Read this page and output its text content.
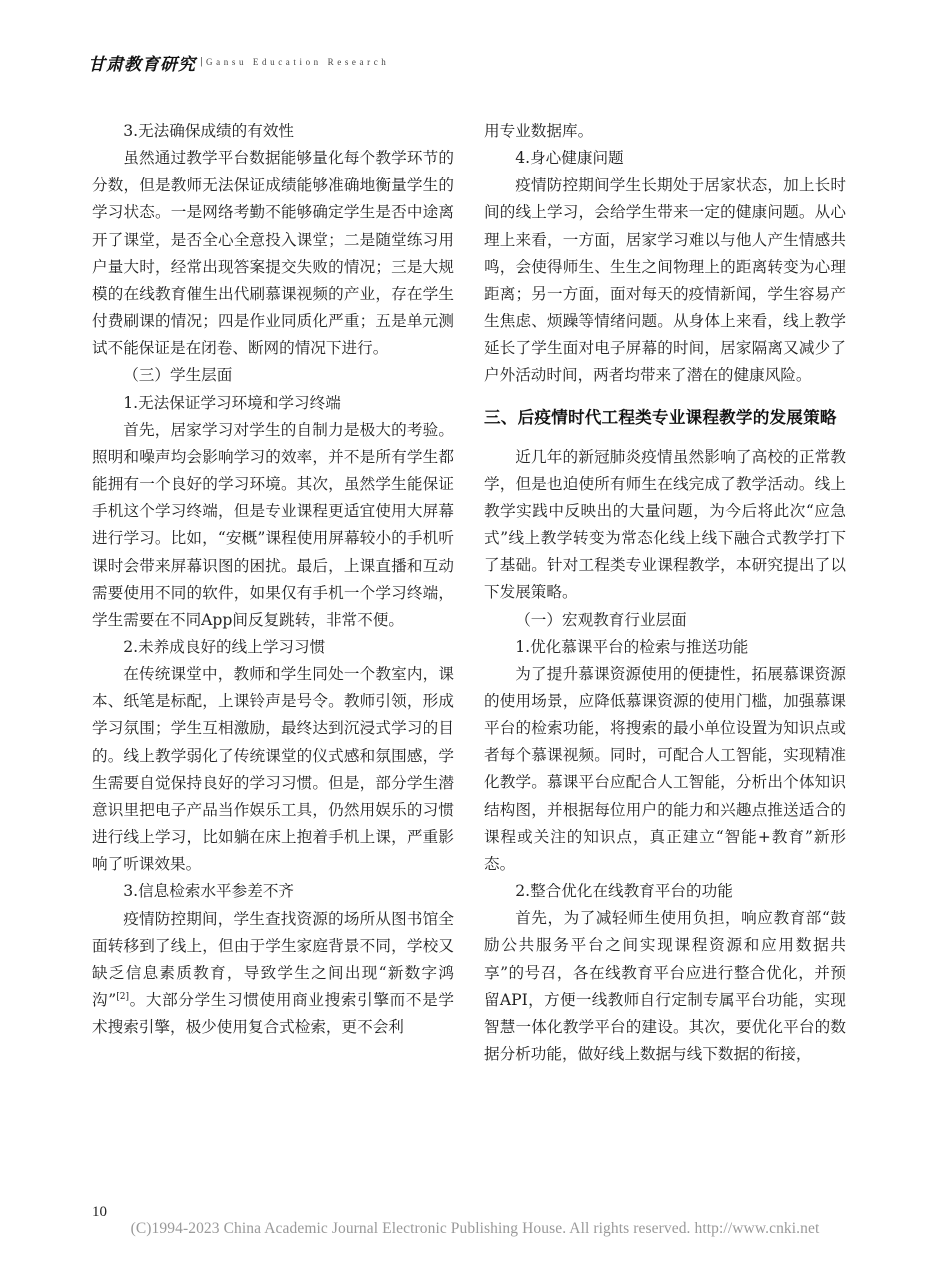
甘肃教育研究 | Gansu Education Research

3.无法确保成绩的有效性

虽然通过教学平台数据能够量化每个教学环节的分数，但是教师无法保证成绩能够准确地衡量学生的学习状态。一是网络考勤不能够确定学生是否中途离开了课堂，是否全心全意投入课堂；二是随堂练习用户量大时，经常出现答案提交失败的情况；三是大规模的在线教育催生出代刷慕课视频的产业，存在学生付费刷课的情况；四是作业同质化严重；五是单元测试不能保证是在闭卷、断网的情况下进行。

（三）学生层面

1.无法保证学习环境和学习终端

首先，居家学习对学生的自制力是极大的考验。照明和噪声均会影响学习的效率，并不是所有学生都能拥有一个良好的学习环境。其次，虽然学生能保证手机这个学习终端，但是专业课程更适宜使用大屏幕进行学习。比如，“安概”课程使用屏幕较小的手机听课时会带来屏幕识图的困扰。最后，上课直播和互动需要使用不同的软件，如果仅有手机一个学习终端，学生需要在不同App间反复跳转，非常不便。

2.未养成良好的线上学习习惯

在传统课堂中，教师和学生同处一个教室内，课本、纸笔是标配，上课铃声是号令。教师引领，形成学习氛围；学生互相激励，最终达到沉浸式学习的目的。线上教学弱化了传统课堂的仪式感和氛围感，学生需要自觉保持良好的学习习惯。但是，部分学生潜意识里把电子产品当作娱乐工具，仍然用娱乐的习惯进行线上学习，比如躺在床上抱着手机上课，严重影响了听课效果。

3.信息检索水平参差不齐

疫情防控期间，学生查找资源的场所从图书馆全面转移到了线上，但由于学生家庭背景不同，学校又缺乏信息素质教育，导致学生之间出现“新数字鸿沟”[2]。大部分学生习惯使用商业搜索引擎而不是学术搜索引擎，极少使用复合式检索，更不会利

用专业数据库。

4.身心健康问题

疫情防控期间学生长期处于居家状态，加上长时间的线上学习，会给学生带来一定的健康问题。从心理上来看，一方面，居家学习难以与他人产生情感共鸣，会使得师生、生生之间物理上的距离转变为心理距离；另一方面，面对每天的疫情新闻，学生容易产生焦虑、烦躁等情绪问题。从身体上来看，线上教学延长了学生面对电子屏幕的时间，居家隔离又减少了户外活动时间，两者均带来了潜在的健康风险。

三、后疫情时代工程类专业课程教学的发展策略

近几年的新冠肺炎疫情虽然影响了高校的正常教学，但是也迫使所有师生在线完成了教学活动。线上教学实践中反映出的大量问题，为今后将此次“应急式”线上教学转变为常态化线上线下融合式教学打下了基础。针对工程类专业课程教学，本研究提出了以下发展策略。

（一）宏观教育行业层面

1.优化慕课平台的检索与推送功能

为了提升慕课资源使用的便捷性，拓展慕课资源的使用场景，应降低慕课资源的使用门槛，加强慕课平台的检索功能，将搜索的最小单位设置为知识点或者每个慕课视频。同时，可配合人工智能，实现精准化教学。慕课平台应配合人工智能，分析出个体知识结构图，并根据每位用户的能力和兴趣点推送适合的课程或关注的知识点，真正建立“智能+教育”新形态。

2.整合优化在线教育平台的功能

首先，为了减轻师生使用负担，响应教育部“鼓励公共服务平台之间实现课程资源和应用数据共享”的号召，各在线教育平台应进行整合优化，并预留API，方便一线教师自行定制专属平台功能，实现智慧一体化教学平台的建设。其次，要优化平台的数据分析功能，做好线上数据与线下数据的衔接，

10
(C)1994-2023 China Academic Journal Electronic Publishing House. All rights reserved. http://www.cnki.net
